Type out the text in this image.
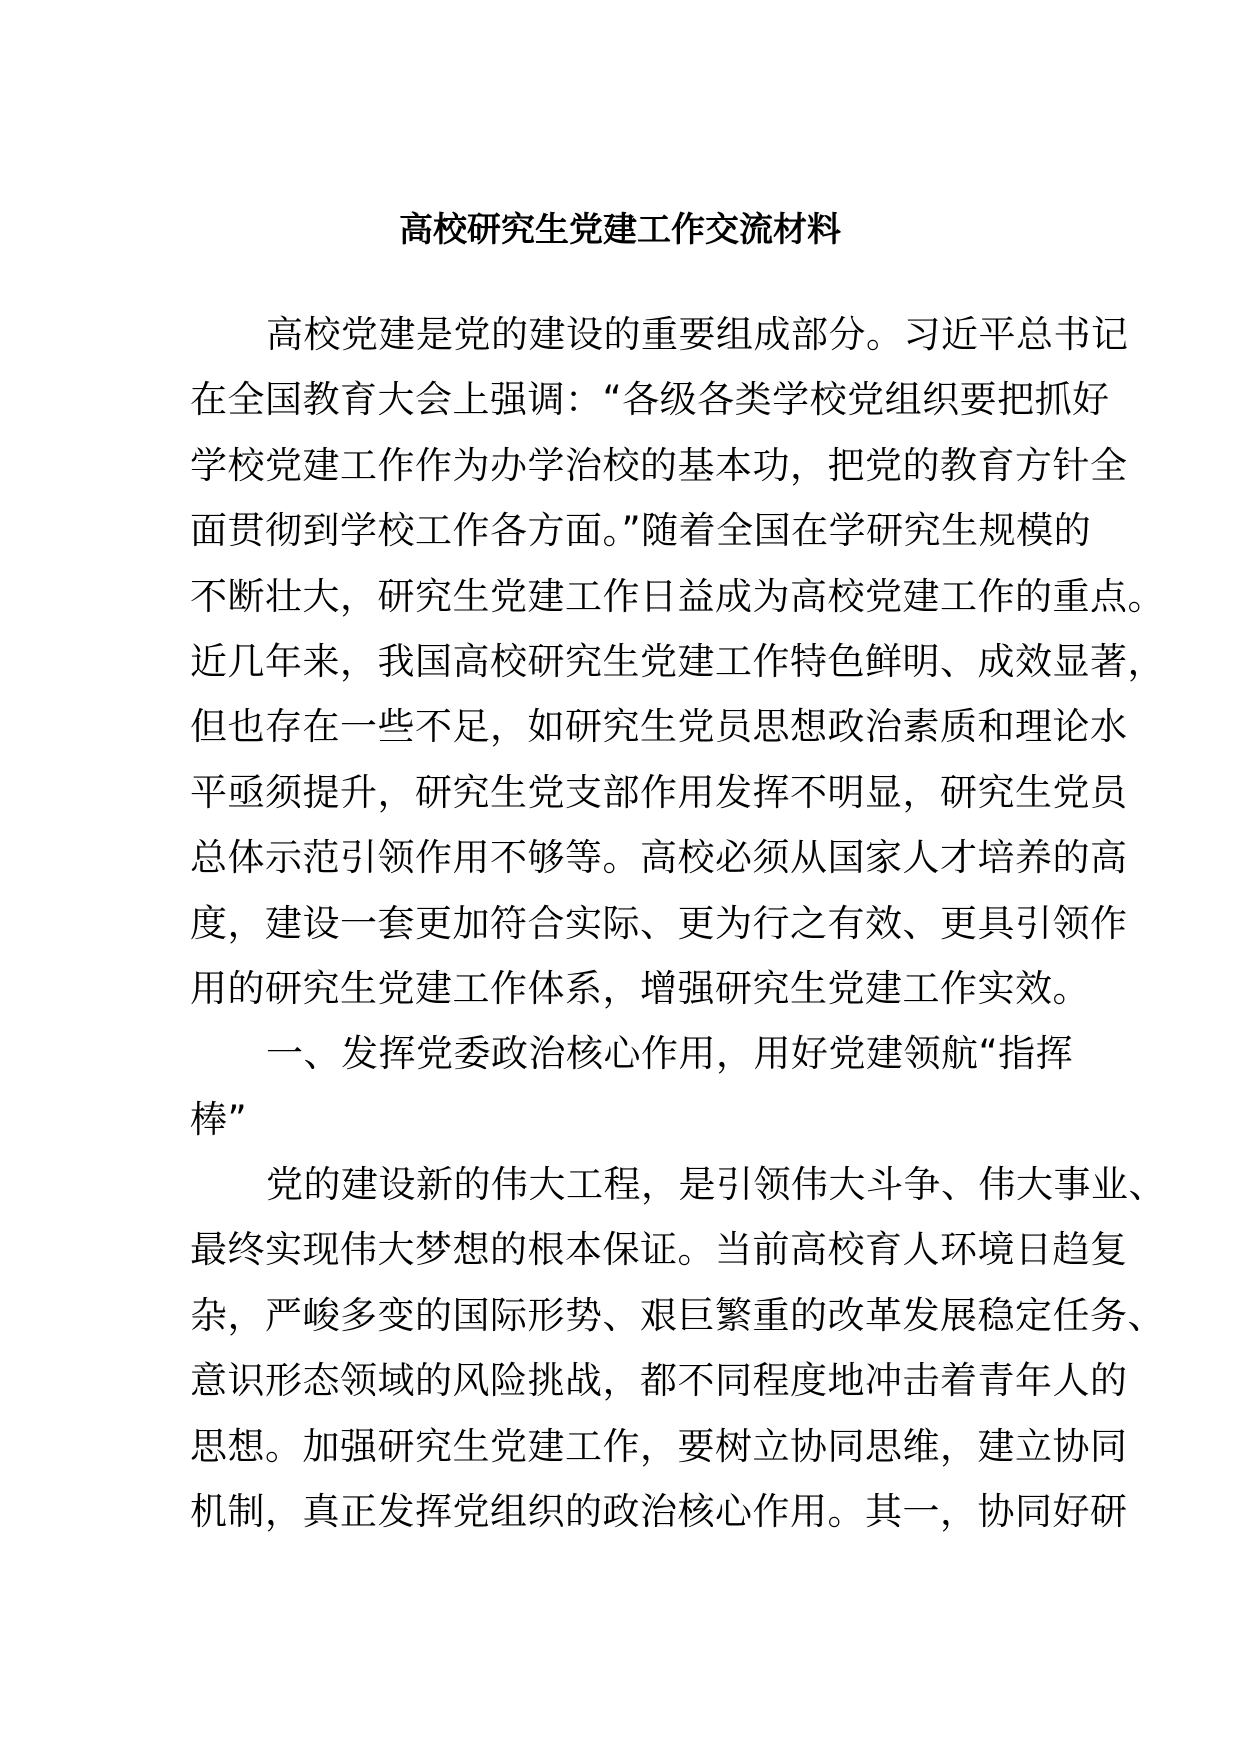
高校研究生党建工作交流材料
高校党建是党的建设的重要组成部分。习近平总书记
在全国教育大会上强调：“各级各类学校党组织要把抓好
学校党建工作作为办学治校的基本功，把党的教育方针全
面贯彻到学校工作各方面。”随着全国在学研究生规模的
不断壮大，研究生党建工作日益成为高校党建工作的重点。
近几年来，我国高校研究生党建工作特色鲜明、成效显著，
但也存在一些不足，如研究生党员思想政治素质和理论水
平亟须提升，研究生党支部作用发挥不明显，研究生党员
总体示范引领作用不够等。高校必须从国家人才培养的高
度，建设一套更加符合实际、更为行之有效、更具引领作
用的研究生党建工作体系，增强研究生党建工作实效。
一、发挥党委政治核心作用，用好党建领航“指挥
棒”
党的建设新的伟大工程，是引领伟大斗争、伟大事业、
最终实现伟大梦想的根本保证。当前高校育人环境日趋复
杂，严峻多变的国际形势、艰巨繁重的改革发展稳定任务、
意识形态领域的风险挑战，都不同程度地冲击着青年人的
思想。加强研究生党建工作，要树立协同思维，建立协同
机制，真正发挥党组织的政治核心作用。其一，协同好研
